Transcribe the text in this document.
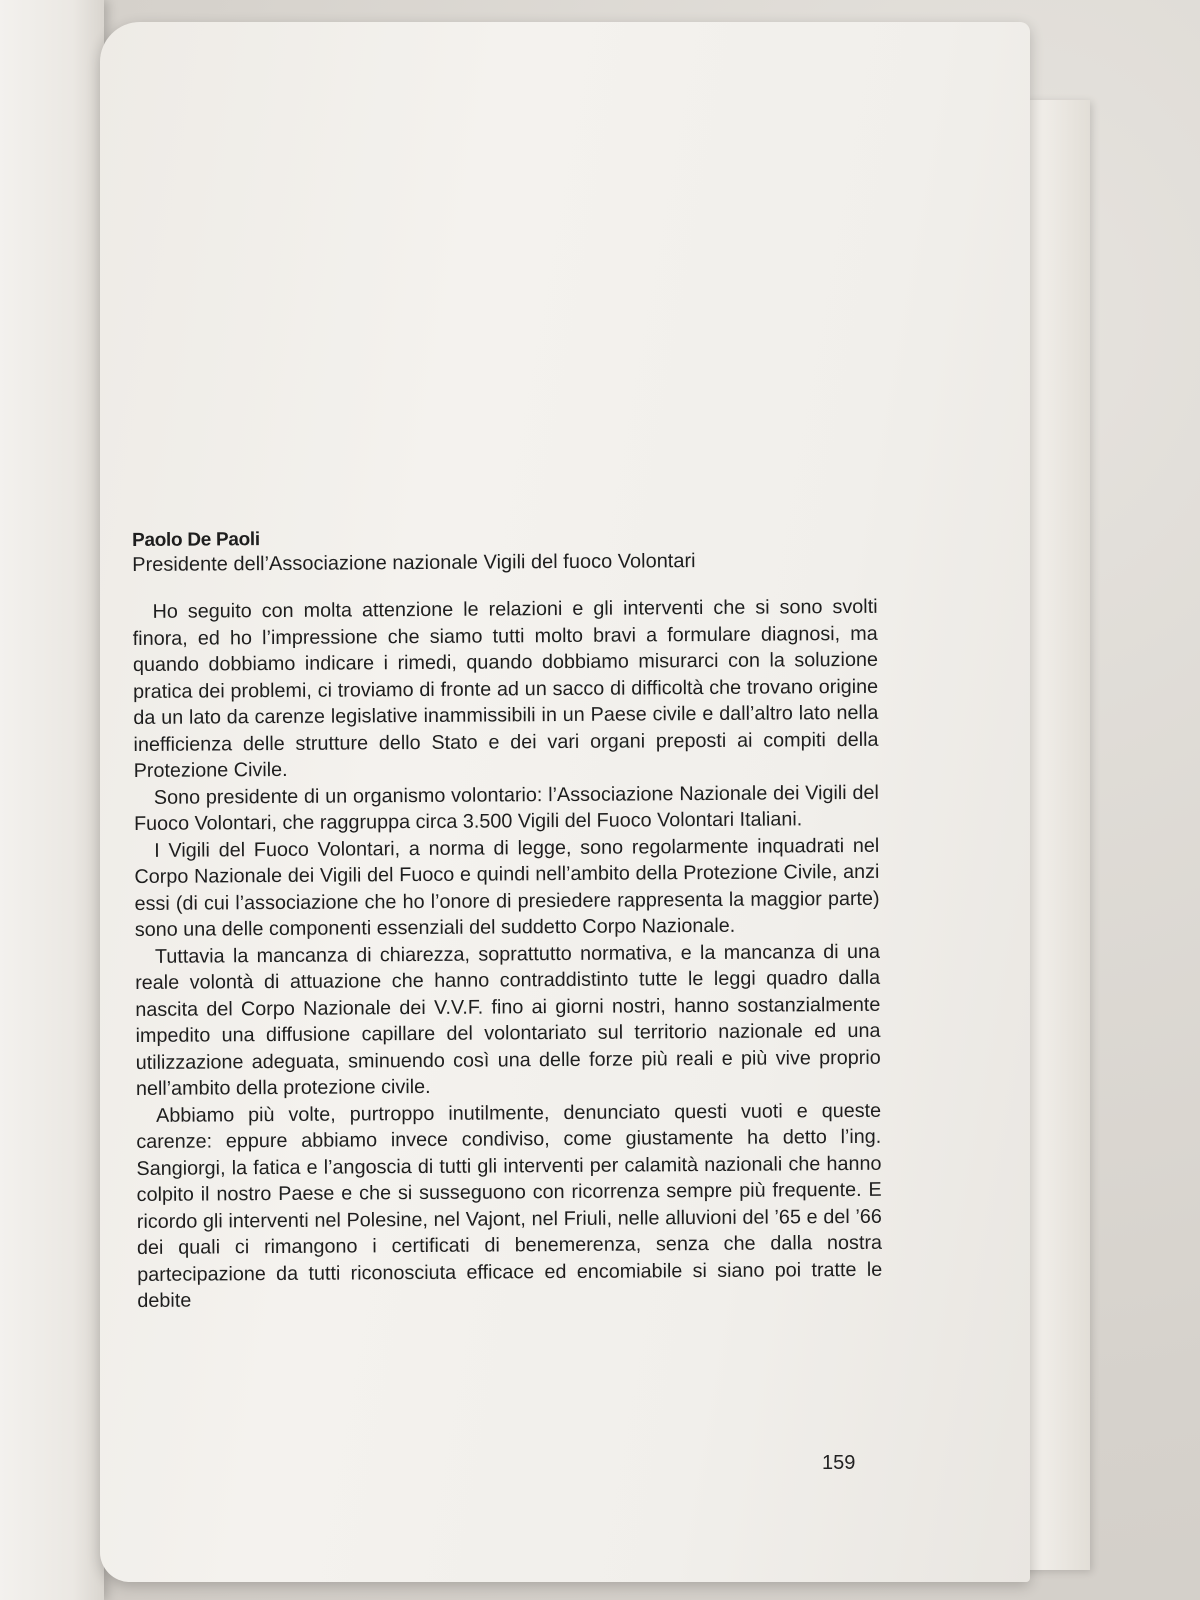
Paolo De Paoli
Presidente dell’Associazione nazionale Vigili del fuoco Volontari

Ho seguito con molta attenzione le relazioni e gli interventi che si sono svolti finora, ed ho l’impressione che siamo tutti molto bravi a formulare diagnosi, ma quando dobbiamo indicare i rimedi, quando dobbiamo misurarci con la soluzione pratica dei problemi, ci troviamo di fronte ad un sacco di difficoltà che trovano origine da un lato da carenze legislative inammissibili in un Paese civile e dall’altro lato nella inefficienza delle strutture dello Stato e dei vari organi preposti ai compiti della Protezione Civile.

Sono presidente di un organismo volontario: l’Associazione Nazionale dei Vigili del Fuoco Volontari, che raggruppa circa 3.500 Vigili del Fuoco Volontari Italiani.

I Vigili del Fuoco Volontari, a norma di legge, sono regolarmente inquadrati nel Corpo Nazionale dei Vigili del Fuoco e quindi nell’ambito della Protezione Civile, anzi essi (di cui l’associazione che ho l’onore di presiedere rappresenta la maggior parte) sono una delle componenti essenziali del suddetto Corpo Nazionale.

Tuttavia la mancanza di chiarezza, soprattutto normativa, e la mancanza di una reale volontà di attuazione che hanno contraddistinto tutte le leggi quadro dalla nascita del Corpo Nazionale dei V.V.F. fino ai giorni nostri, hanno sostanzialmente impedito una diffusione capillare del volontariato sul territorio nazionale ed una utilizzazione adeguata, sminuendo così una delle forze più reali e più vive proprio nell’ambito della protezione civile.

Abbiamo più volte, purtroppo inutilmente, denunciato questi vuoti e queste carenze: eppure abbiamo invece condiviso, come giustamente ha detto l’ing. Sangiorgi, la fatica e l’angoscia di tutti gli interventi per calamità nazionali che hanno colpito il nostro Paese e che si susseguono con ricorrenza sempre più frequente. E ricordo gli interventi nel Polesine, nel Vajont, nel Friuli, nelle alluvioni del ’65 e del ’66 dei quali ci rimangono i certificati di benemerenza, senza che dalla nostra partecipazione da tutti riconosciuta efficace ed encomiabile si siano poi tratte le debite

159
